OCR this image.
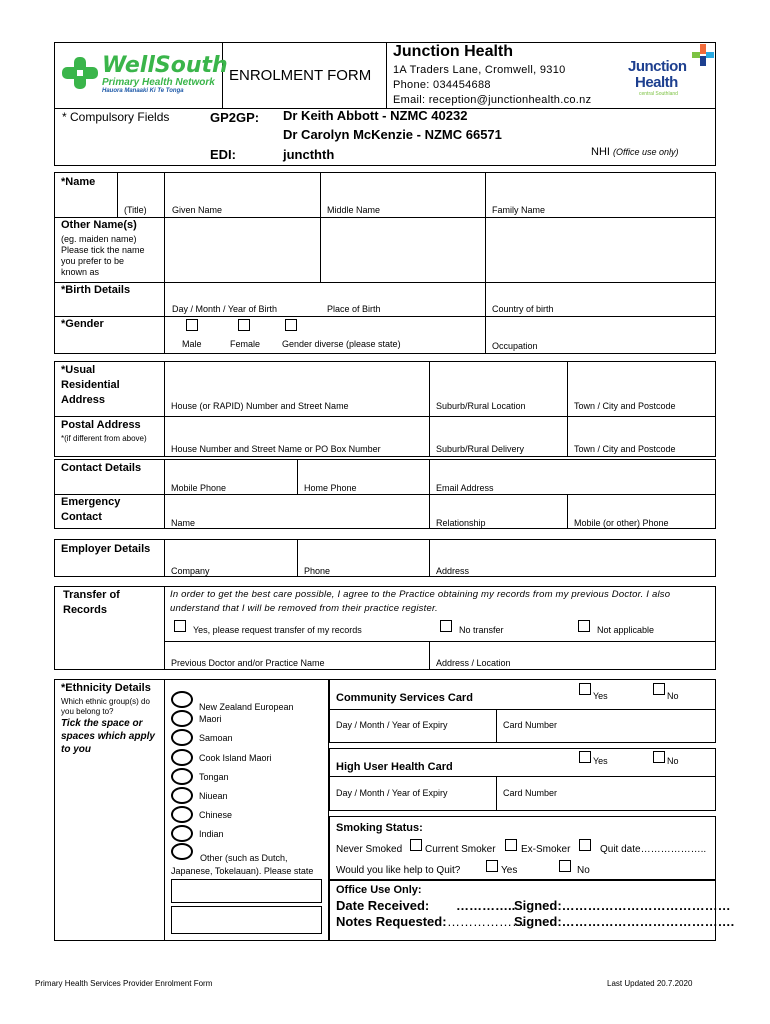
WellSouth
Primary Health Network
Hauora Manaaki Ki Te Tonga
ENROLMENT FORM
Junction Health
1A Traders Lane, Cromwell, 9310
Phone: 034454688
Email: reception@junctionhealth.co.nz
Junction
Health
central Southland
* Compulsory Fields	GP2GP: Dr Keith Abbott - NZMC 40232
Dr Carolyn McKenzie - NZMC 66571
EDI:	juncthth	NHI (Office use only)
*Name
(Title)	Given Name	Middle Name	Family Name
Other Name(s)
(eg. maiden name)
Please tick the name
you prefer to be
known as
*Birth Details
Day / Month / Year of Birth	Place of Birth	Country of birth
*Gender
Male	Female Gender diverse (please state)	Occupation
*Usual
Residential
Address	House (or RAPID) Number and Street Name	Suburb/Rural Location	Town / City and Postcode
Postal Address
*(if different from above)
House Number and Street Name or PO Box Number	Suburb/Rural Delivery	Town / City and Postcode
Contact Details
Mobile Phone	Home Phone	Email Address
Emergency
Contact	Name	Relationship	Mobile (or other) Phone
Employer Details
Company	Phone	Address
Transfer of
Records
In order to get the best care possible, I agree to the Practice obtaining my records from my previous Doctor. I also
understand that I will be removed from their practice register.
Yes, please request transfer of my records	No transfer	Not applicable
Previous Doctor and/or Practice Name	Address / Location
*Ethnicity Details
Which ethnic group(s) do
you belong to?
Tick the space or
spaces which apply
to you
New Zealand European
Maori
Samoan
Cook Island Maori
Tongan
Niuean
Chinese
Indian
Other (such as Dutch,
Japanese, Tokelauan). Please state
Community Services Card	Yes	No
Day / Month / Year of Expiry	Card Number
High User Health Card	Yes	No
Day / Month / Year of Expiry	Card Number
Smoking Status:
Never Smoked Current Smoker	Ex-Smoker	Quit date………………..
Would you like help to Quit?	Yes	No
Office Use Only:
Date Received: …………..
Signed:…………………………………
Notes Requested: ………………
Signed:………………………………….
Primary Health Services Provider Enrolment Form	Last Updated 20.7.2020
